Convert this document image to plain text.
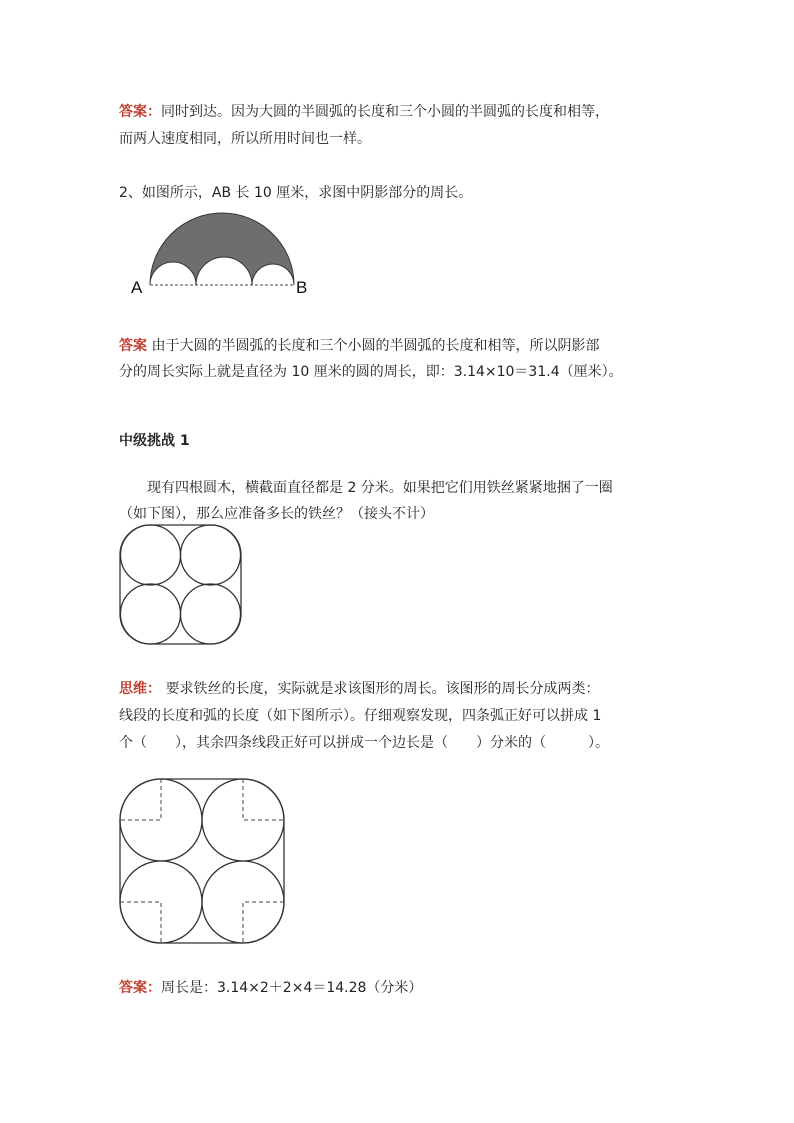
答案：同时到达。因为大圆的半圆弧的长度和三个小圆的半圆弧的长度和相等，
而两人速度相同，所以所用时间也一样。
2、如图所示，AB 长 10 厘米，求图中阴影部分的周长。
A	B
答案 由于大圆的半圆弧的长度和三个小圆的半圆弧的长度和相等，所以阴影部
分的周长实际上就是直径为 10 厘米的圆的周长，即：3.14×10＝31.4（厘米）。
中级挑战 1
现有四根圆木，横截面直径都是 2 分米。如果把它们用铁丝紧紧地捆了一圈
（如下图），那么应准备多长的铁丝？（接头不计）
思维： 要求铁丝的长度，实际就是求该图形的周长。该图形的周长分成两类：
线段的长度和弧的长度（如下图所示）。仔细观察发现，四条弧正好可以拼成 1
个（　　），其余四条线段正好可以拼成一个边长是（　　）分米的（　　　）。
答案：周长是：3.14×2＋2×4＝14.28（分米）
